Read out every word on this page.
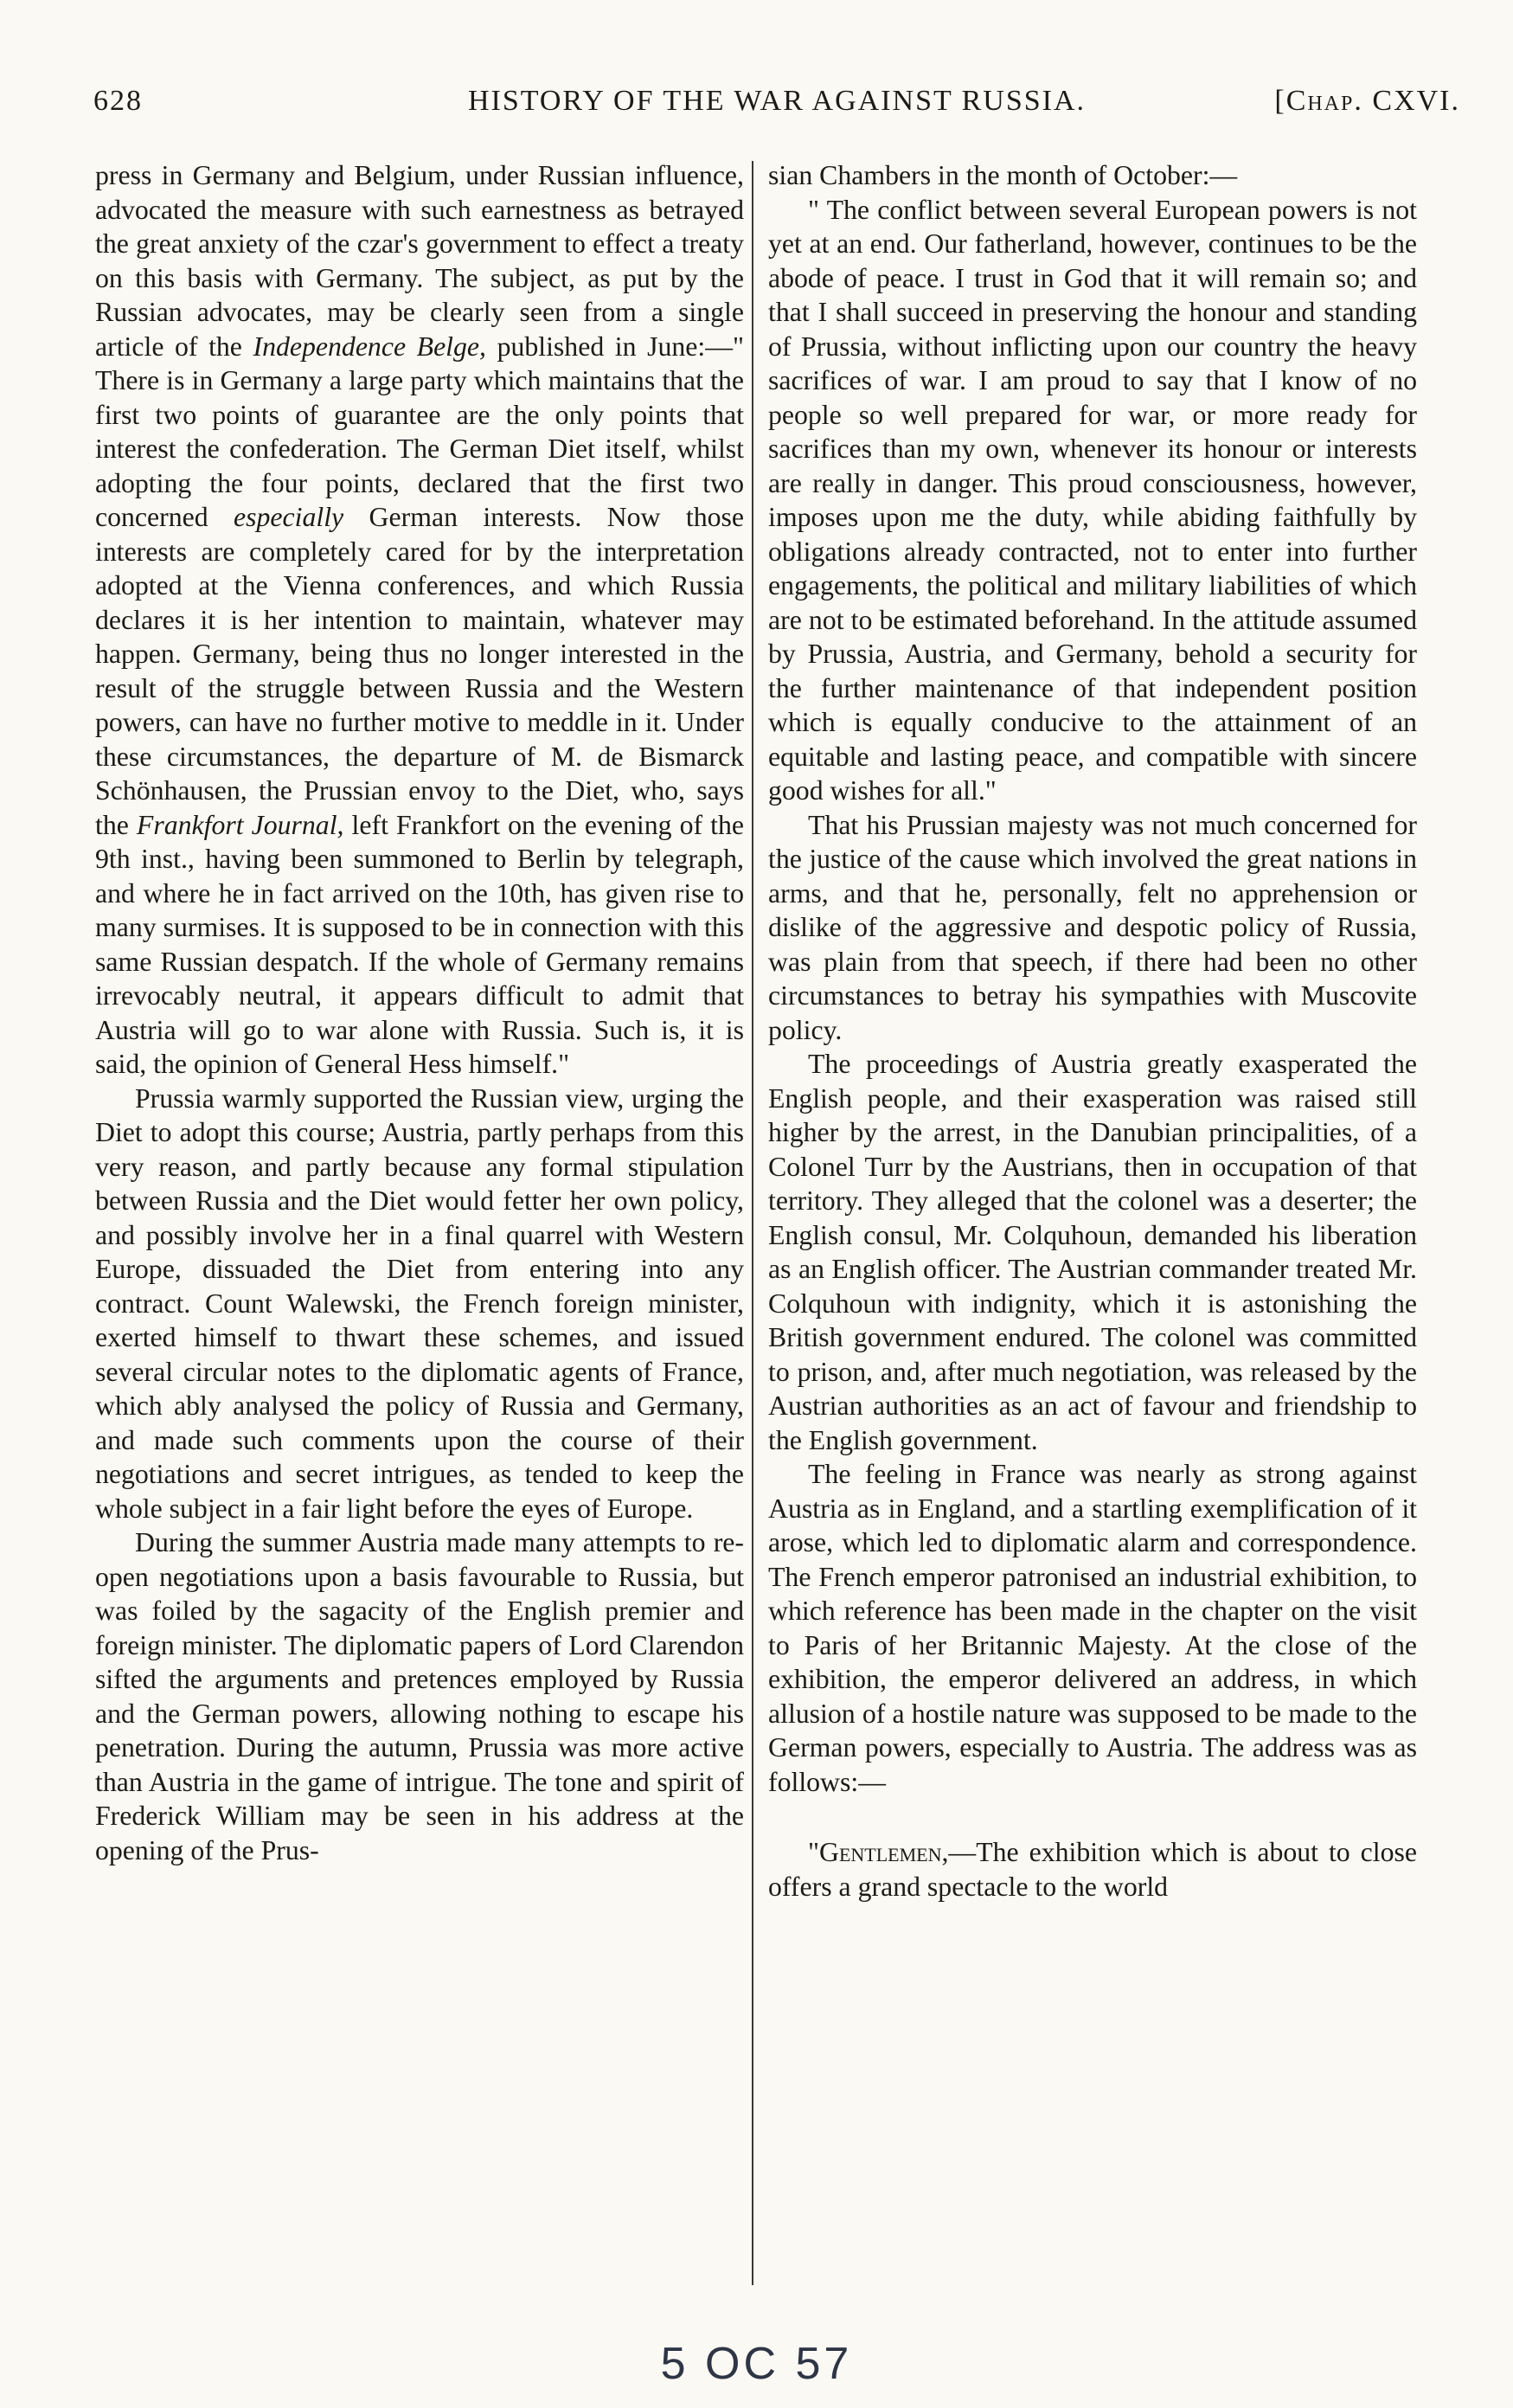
628	HISTORY OF THE WAR AGAINST RUSSIA.	[Chap. CXVI.

press in Germany and Belgium, under Russian influence, advocated the measure with such earnestness as betrayed the great anxiety of the czar's government to effect a treaty on this basis with Germany. The subject, as put by the Russian advocates, may be clearly seen from a single article of the Independence Belge, published in June:—" There is in Germany a large party which maintains that the first two points of guarantee are the only points that interest the confederation. The German Diet itself, whilst adopting the four points, declared that the first two concerned especially German interests. Now those interests are completely cared for by the interpretation adopted at the Vienna conferences, and which Russia declares it is her intention to maintain, whatever may happen. Germany, being thus no longer interested in the result of the struggle between Russia and the Western powers, can have no further motive to meddle in it. Under these circumstances, the departure of M. de Bismarck Schönhausen, the Prussian envoy to the Diet, who, says the Frankfort Journal, left Frankfort on the evening of the 9th inst., having been summoned to Berlin by telegraph, and where he in fact arrived on the 10th, has given rise to many surmises. It is supposed to be in connection with this same Russian despatch. If the whole of Germany remains irrevocably neutral, it appears difficult to admit that Austria will go to war alone with Russia. Such is, it is said, the opinion of General Hess himself."

Prussia warmly supported the Russian view, urging the Diet to adopt this course; Austria, partly perhaps from this very reason, and partly because any formal stipulation between Russia and the Diet would fetter her own policy, and possibly involve her in a final quarrel with Western Europe, dissuaded the Diet from entering into any contract. Count Walewski, the French foreign minister, exerted himself to thwart these schemes, and issued several circular notes to the diplomatic agents of France, which ably analysed the policy of Russia and Germany, and made such comments upon the course of their negotiations and secret intrigues, as tended to keep the whole subject in a fair light before the eyes of Europe.

During the summer Austria made many attempts to re-open negotiations upon a basis favourable to Russia, but was foiled by the sagacity of the English premier and foreign minister. The diplomatic papers of Lord Clarendon sifted the arguments and pretences employed by Russia and the German powers, allowing nothing to escape his penetration. During the autumn, Prussia was more active than Austria in the game of intrigue. The tone and spirit of Frederick William may be seen in his address at the opening of the Prus-

sian Chambers in the month of October:—

" The conflict between several European powers is not yet at an end. Our fatherland, however, continues to be the abode of peace. I trust in God that it will remain so; and that I shall succeed in preserving the honour and standing of Prussia, without inflicting upon our country the heavy sacrifices of war. I am proud to say that I know of no people so well prepared for war, or more ready for sacrifices than my own, whenever its honour or interests are really in danger. This proud consciousness, however, imposes upon me the duty, while abiding faithfully by obligations already contracted, not to enter into further engagements, the political and military liabilities of which are not to be estimated beforehand. In the attitude assumed by Prussia, Austria, and Germany, behold a security for the further maintenance of that independent position which is equally conducive to the attainment of an equitable and lasting peace, and compatible with sincere good wishes for all."

That his Prussian majesty was not much concerned for the justice of the cause which involved the great nations in arms, and that he, personally, felt no apprehension or dislike of the aggressive and despotic policy of Russia, was plain from that speech, if there had been no other circumstances to betray his sympathies with Muscovite policy.

The proceedings of Austria greatly exasperated the English people, and their exasperation was raised still higher by the arrest, in the Danubian principalities, of a Colonel Turr by the Austrians, then in occupation of that territory. They alleged that the colonel was a deserter; the English consul, Mr. Colquhoun, demanded his liberation as an English officer. The Austrian commander treated Mr. Colquhoun with indignity, which it is astonishing the British government endured. The colonel was committed to prison, and, after much negotiation, was released by the Austrian authorities as an act of favour and friendship to the English government.

The feeling in France was nearly as strong against Austria as in England, and a startling exemplification of it arose, which led to diplomatic alarm and correspondence. The French emperor patronised an industrial exhibition, to which reference has been made in the chapter on the visit to Paris of her Britannic Majesty. At the close of the exhibition, the emperor delivered an address, in which allusion of a hostile nature was supposed to be made to the German powers, especially to Austria. The address was as follows:—

"Gentlemen,—The exhibition which is about to close offers a grand spectacle to the world

5 OC 57
